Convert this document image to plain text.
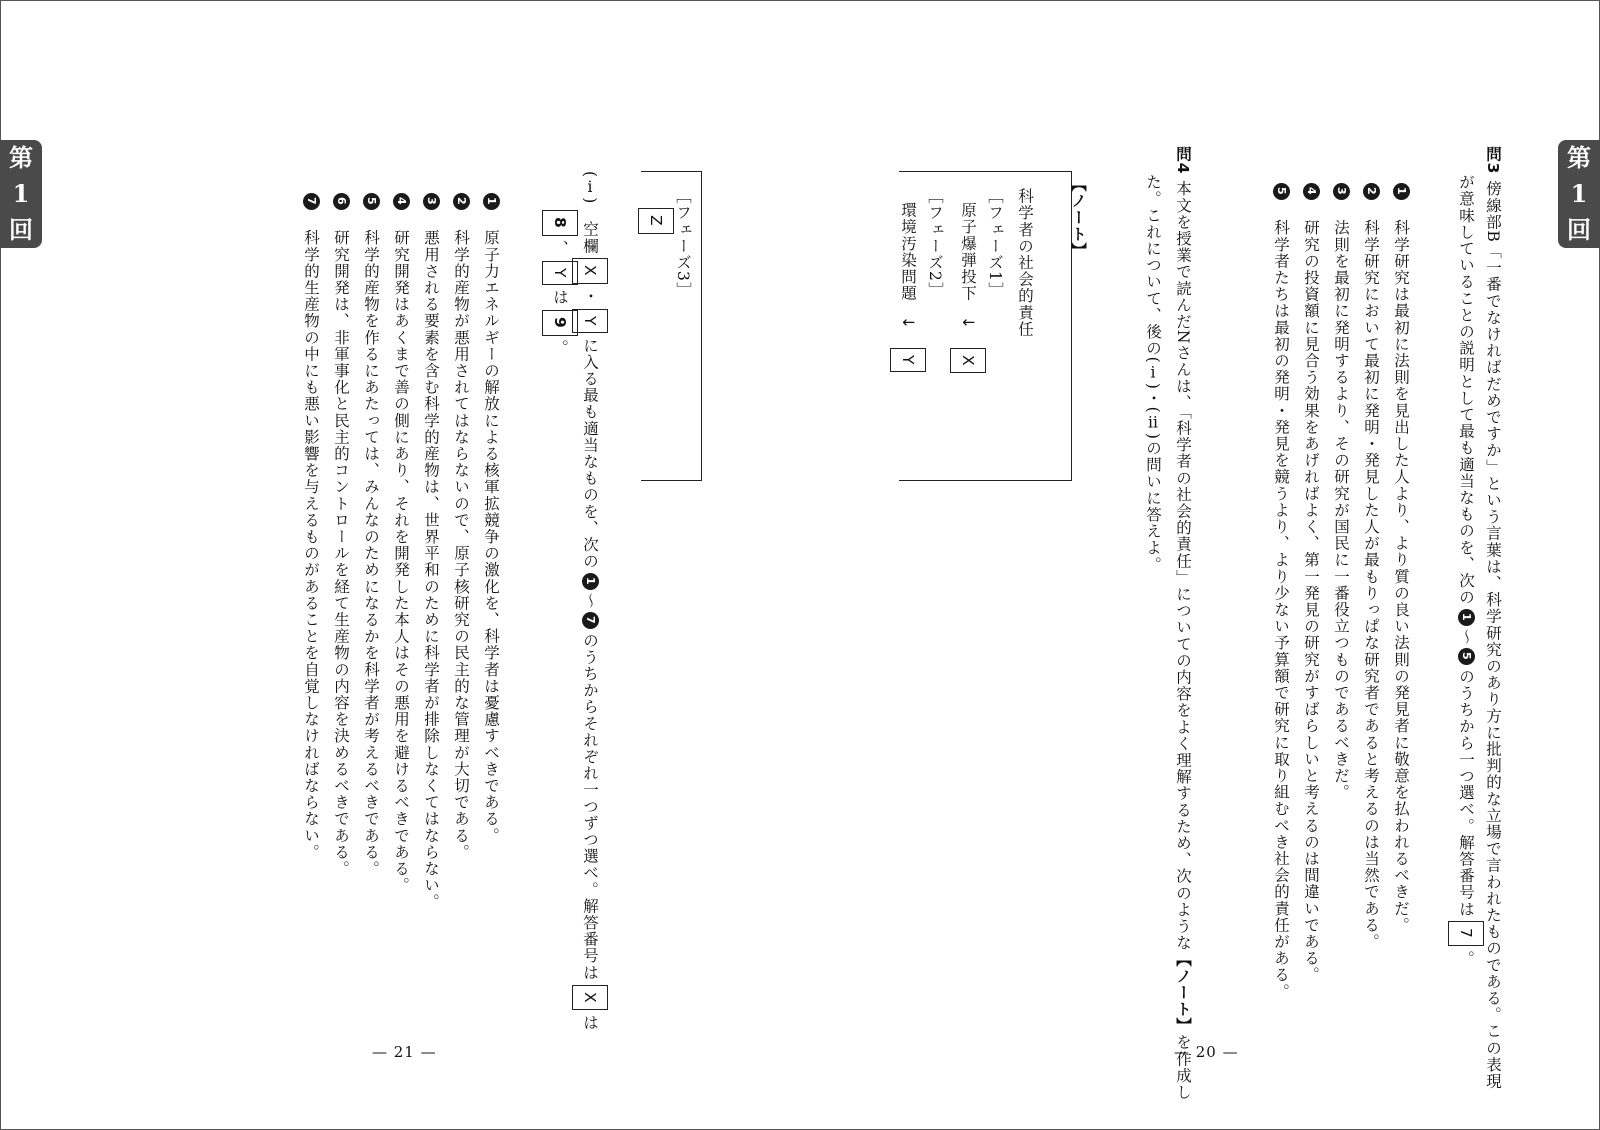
第
1
回
第
1
回
問3 傍線部B「一番でなければだめですか」という言葉は、科学研究のあり方に批判的な立場で言われたものである。この表現
が意味していることの説明として最も適当なものを、次の1～5のうちから一つ選べ。解答番号は7。
1　科学研究は最初に法則を見出した人より、より質の良い法則の発見者に敬意を払われるべきだ。
2　科学研究において最初に発明・発見した人が最もりっぱな研究者であると考えるのは当然である。
3　法則を最初に発明するより、その研究が国民に一番役立つものであるべきだ。
4　研究の投資額に見合う効果をあげればよく、第一発見の研究がすばらしいと考えるのは間違いである。
5　科学者たちは最初の発明・発見を競うより、より少ない予算額で研究に取り組むべき社会的責任がある。
問4 本文を授業で読んだNさんは、「科学者の社会的責任」についての内容をよく理解するため、次のような【ノート】を作成し
た。これについて、後の(ⅰ)・(ⅱ)の問いに答えよ。
【ノート】
科学者の社会的責任
［フェーズ1］
原子爆弾投下↓X
［フェーズ2］
環境汚染問題↓Y
［フェーズ3］
Z
(ⅰ)　空欄X・Yに入る最も適当なものを、次の1～7のうちからそれぞれ一つずつ選べ。解答番号はXは
8、Yは9。
1　原子力エネルギーの解放による核軍拡競争の激化を、科学者は憂慮すべきである。
2　科学的産物が悪用されてはならないので、原子核研究の民主的な管理が大切である。
3　悪用される要素を含む科学的産物は、世界平和のために科学者が排除しなくてはならない。
4　研究開発はあくまで善の側にあり、それを開発した本人はその悪用を避けるべきである。
5　科学的産物を作るにあたっては、みんなのためになるかを科学者が考えるべきである。
6　研究開発は、非軍事化と民主的コントロールを経て生産物の内容を決めるべきである。
7　科学的生産物の中にも悪い影響を与えるものがあることを自覚しなければならない。
— 21 —	— 20 —
